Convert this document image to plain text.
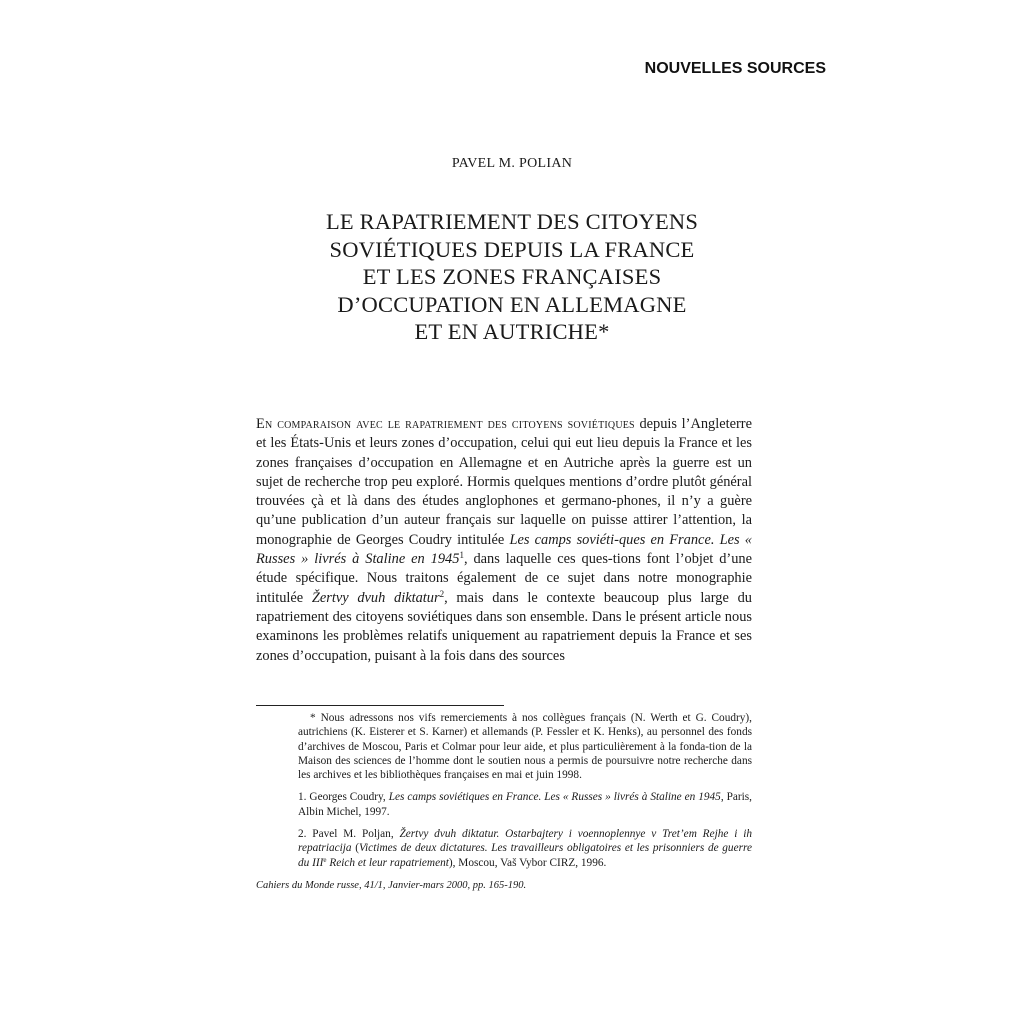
NOUVELLES SOURCES
PAVEL M. POLIAN
LE RAPATRIEMENT DES CITOYENS
SOVIÉTIQUES DEPUIS LA FRANCE
ET LES ZONES FRANÇAISES
D’OCCUPATION EN ALLEMAGNE
ET EN AUTRICHE*

En comparaison avec le rapatriement des citoyens soviétiques depuis l’Angleterre et les États-Unis et leurs zones d’occupation, celui qui eut lieu depuis la France et les zones françaises d’occupation en Allemagne et en Autriche après la guerre est un sujet de recherche trop peu exploré. Hormis quelques mentions d’ordre plutôt général trouvées çà et là dans des études anglophones et germano-phones, il n’y a guère qu’une publication d’un auteur français sur laquelle on puisse attirer l’attention, la monographie de Georges Coudry intitulée Les camps soviéti-ques en France. Les « Russes » livrés à Staline en 1945$^1$, dans laquelle ces ques-tions font l’objet d’une étude spécifique. Nous traitons également de ce sujet dans notre monographie intitulée Žertvy dvuh diktatur$^2$, mais dans le contexte beaucoup plus large du rapatriement des citoyens soviétiques dans son ensemble. Dans le présent article nous examinons les problèmes relatifs uniquement au rapatriement depuis la France et ses zones d’occupation, puisant à la fois dans des sources

* Nous adressons nos vifs remerciements à nos collègues français (N. Werth et G. Coudry), autrichiens (K. Eisterer et S. Karner) et allemands (P. Fessler et K. Henks), au personnel des fonds d’archives de Moscou, Paris et Colmar pour leur aide, et plus particulièrement à la fonda-tion de la Maison des sciences de l’homme dont le soutien nous a permis de poursuivre notre recherche dans les archives et les bibliothèques françaises en mai et juin 1998.

1. Georges Coudry, Les camps soviétiques en France. Les « Russes » livrés à Staline en 1945, Paris, Albin Michel, 1997.

2. Pavel M. Poljan, Žertvy dvuh diktatur. Ostarbajtery i voennoplennye v Tret’em Rejhe i ih repatriacija (Victimes de deux dictatures. Les travailleurs obligatoires et les prisonniers de guerre du IIIe Reich et leur rapatriement), Moscou, Vaš Vybor CIRZ, 1996.

Cahiers du Monde russe, 41/1, Janvier-mars 2000, pp. 165-190.
